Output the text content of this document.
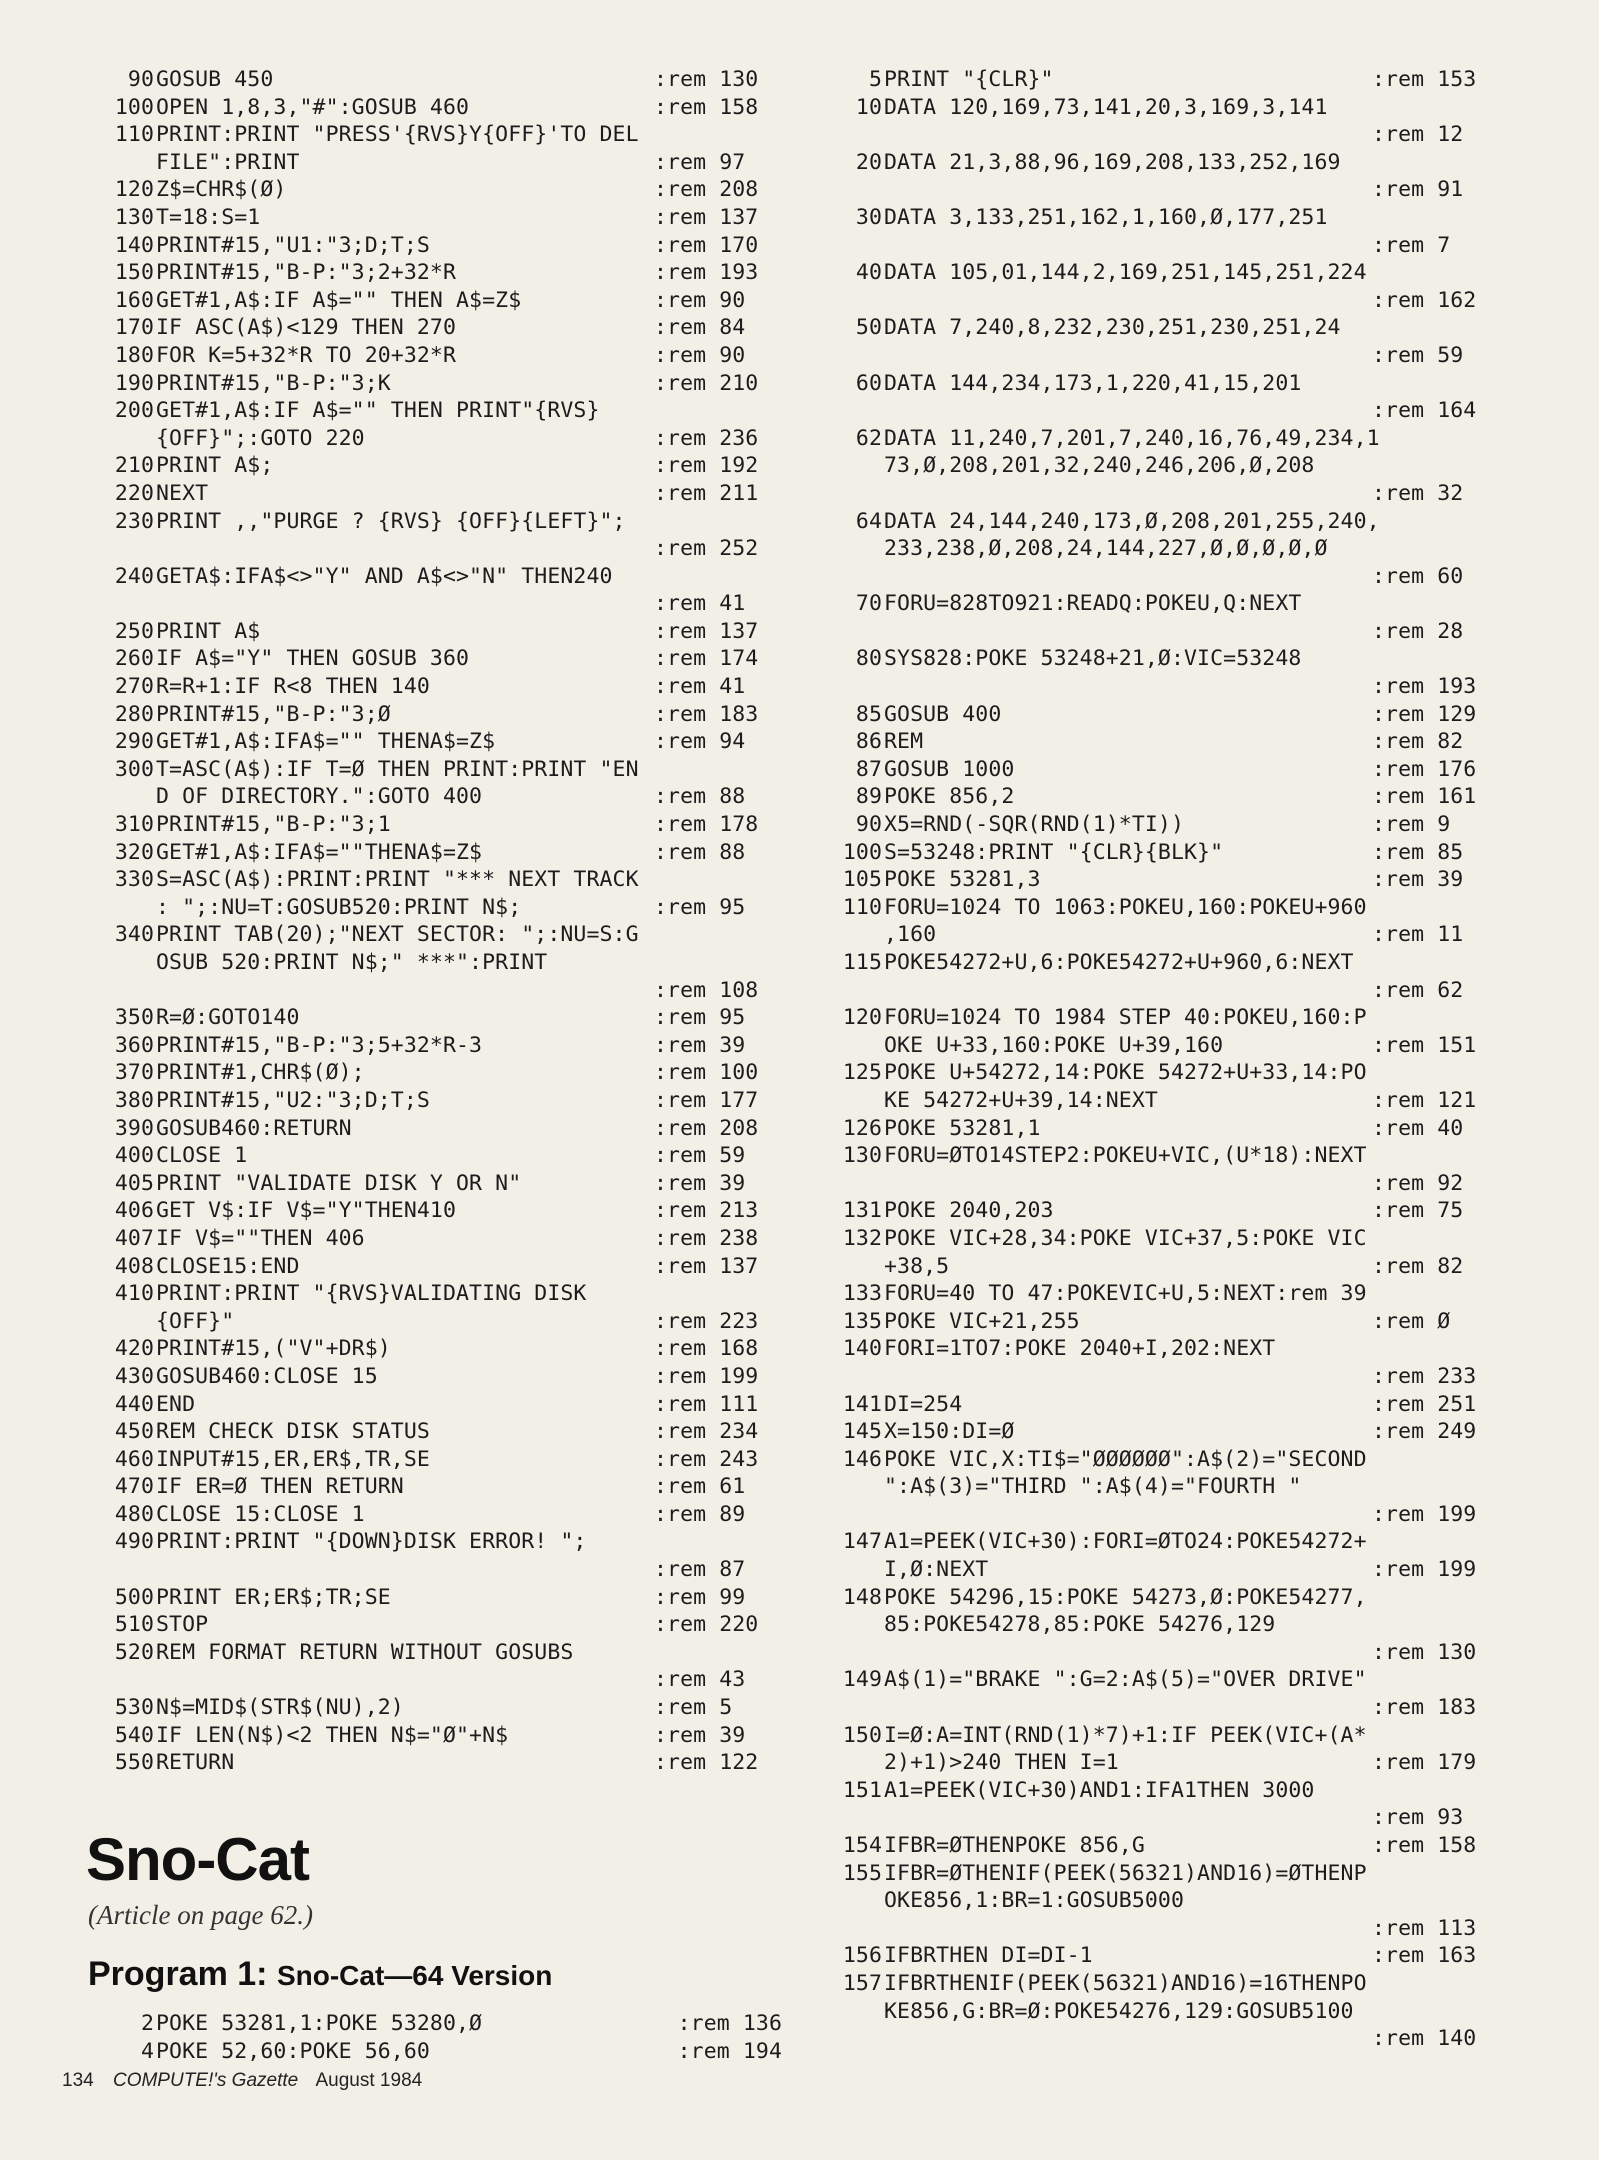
90 GOSUB 450	:rem 130
100 OPEN 1,8,3,"#":GOSUB 460	:rem 158
110 PRINT:PRINT "PRESS'{RVS}Y{OFF}'TO DEL
FILE":PRINT	:rem 97
120 Z$=CHR$(Ø)	:rem 208
130 T=18:S=1	:rem 137
140 PRINT#15,"U1:"3;D;T;S	:rem 170
150 PRINT#15,"B-P:"3;2+32*R	:rem 193
160 GET#1,A$:IF A$="" THEN A$=Z$	:rem 90
170 IF ASC(A$)<129 THEN 270	:rem 84
180 FOR K=5+32*R TO 20+32*R	:rem 90
190 PRINT#15,"B-P:"3;K	:rem 210
200 GET#1,A$:IF A$="" THEN PRINT"{RVS}
{OFF}";:GOTO 220	:rem 236
210 PRINT A$;	:rem 192
220 NEXT	:rem 211
230 PRINT ,,"PURGE ? {RVS} {OFF}{LEFT}";
:rem 252
240 GETA$:IFA$<>"Y" AND A$<>"N" THEN240
:rem 41
250 PRINT A$	:rem 137
260 IF A$="Y" THEN GOSUB 360	:rem 174
270 R=R+1:IF R<8 THEN 140	:rem 41
280 PRINT#15,"B-P:"3;Ø	:rem 183
290 GET#1,A$:IFA$="" THENA$=Z$	:rem 94
300 T=ASC(A$):IF T=Ø THEN PRINT:PRINT "EN
D OF DIRECTORY.":GOTO 400	:rem 88
310 PRINT#15,"B-P:"3;1	:rem 178
320 GET#1,A$:IFA$=""THENA$=Z$	:rem 88
330 S=ASC(A$):PRINT:PRINT "*** NEXT TRACK
: ";:NU=T:GOSUB520:PRINT N$;	:rem 95
340 PRINT TAB(20);"NEXT SECTOR: ";:NU=S:G
OSUB 520:PRINT N$;" ***":PRINT
:rem 108
350 R=Ø:GOTO140	:rem 95
360 PRINT#15,"B-P:"3;5+32*R-3	:rem 39
370 PRINT#1,CHR$(Ø);	:rem 100
380 PRINT#15,"U2:"3;D;T;S	:rem 177
390 GOSUB460:RETURN	:rem 208
400 CLOSE 1	:rem 59
405 PRINT "VALIDATE DISK Y OR N"	:rem 39
406 GET V$:IF V$="Y"THEN410	:rem 213
407 IF V$=""THEN 406	:rem 238
408 CLOSE15:END	:rem 137
410 PRINT:PRINT "{RVS}VALIDATING DISK
{OFF}"	:rem 223
420 PRINT#15,("V"+DR$)	:rem 168
430 GOSUB460:CLOSE 15	:rem 199
440 END	:rem 111
450 REM CHECK DISK STATUS	:rem 234
460 INPUT#15,ER,ER$,TR,SE	:rem 243
470 IF ER=Ø THEN RETURN	:rem 61
480 CLOSE 15:CLOSE 1	:rem 89
490 PRINT:PRINT "{DOWN}DISK ERROR! ";
:rem 87
500 PRINT ER;ER$;TR;SE	:rem 99
510 STOP	:rem 220
520 REM FORMAT RETURN WITHOUT GOSUBS
:rem 43
530 N$=MID$(STR$(NU),2)	:rem 5
540 IF LEN(N$)<2 THEN N$="Ø"+N$	:rem 39
550 RETURN	:rem 122
5 PRINT "{CLR}"	:rem 153
10 DATA 120,169,73,141,20,3,169,3,141
:rem 12
20 DATA 21,3,88,96,169,208,133,252,169
:rem 91
30 DATA 3,133,251,162,1,160,Ø,177,251
:rem 7
40 DATA 105,01,144,2,169,251,145,251,224
:rem 162
50 DATA 7,240,8,232,230,251,230,251,24
:rem 59
60 DATA 144,234,173,1,220,41,15,201
:rem 164
62 DATA 11,240,7,201,7,240,16,76,49,234,1
73,Ø,208,201,32,240,246,206,Ø,208
:rem 32
64 DATA 24,144,240,173,Ø,208,201,255,240,
233,238,Ø,208,24,144,227,Ø,Ø,Ø,Ø,Ø
:rem 60
70 FORU=828TO921:READQ:POKEU,Q:NEXT
:rem 28
80 SYS828:POKE 53248+21,Ø:VIC=53248
:rem 193
85 GOSUB 400	:rem 129
86 REM	:rem 82
87 GOSUB 1000	:rem 176
89 POKE 856,2	:rem 161
90 X5=RND(-SQR(RND(1)*TI))	:rem 9
100 S=53248:PRINT "{CLR}{BLK}"	:rem 85
105 POKE 53281,3	:rem 39
110 FORU=1024 TO 1063:POKEU,160:POKEU+960
,160	:rem 11
115 POKE54272+U,6:POKE54272+U+960,6:NEXT
:rem 62
120 FORU=1024 TO 1984 STEP 40:POKEU,160:P
OKE U+33,160:POKE U+39,160	:rem 151
125 POKE U+54272,14:POKE 54272+U+33,14:PO
KE 54272+U+39,14:NEXT	:rem 121
126 POKE 53281,1	:rem 40
130 FORU=ØTO14STEP2:POKEU+VIC,(U*18):NEXT
:rem 92
131 POKE 2040,203	:rem 75
132 POKE VIC+28,34:POKE VIC+37,5:POKE VIC
+38,5	:rem 82
133 FORU=40 TO 47:POKEVIC+U,5:NEXT:rem 39
135 POKE VIC+21,255	:rem Ø
140 FORI=1TO7:POKE 2040+I,202:NEXT
:rem 233
141 DI=254	:rem 251
145 X=150:DI=Ø	:rem 249
146 POKE VIC,X:TI$="ØØØØØØ":A$(2)="SECOND
":A$(3)="THIRD ":A$(4)="FOURTH "
:rem 199
147 A1=PEEK(VIC+30):FORI=ØTO24:POKE54272+
I,Ø:NEXT	:rem 199
148 POKE 54296,15:POKE 54273,Ø:POKE54277,
85:POKE54278,85:POKE 54276,129
:rem 130
149 A$(1)="BRAKE ":G=2:A$(5)="OVER DRIVE"
:rem 183
150 I=Ø:A=INT(RND(1)*7)+1:IF PEEK(VIC+(A*
2)+1)>240 THEN I=1	:rem 179
151 A1=PEEK(VIC+30)AND1:IFA1THEN 3000
:rem 93
154 IFBR=ØTHENPOKE 856,G	:rem 158
155 IFBR=ØTHENIF(PEEK(56321)AND16)=ØTHENP
OKE856,1:BR=1:GOSUB5000
:rem 113
156 IFBRTHEN DI=DI-1	:rem 163
157 IFBRTHENIF(PEEK(56321)AND16)=16THENPO
KE856,G:BR=Ø:POKE54276,129:GOSUB5100
:rem 140
Sno-Cat
(Article on page 62.)
Program 1: Sno-Cat—64 Version
2 POKE 53281,1:POKE 53280,Ø	:rem 136
4 POKE 52,60:POKE 56,60	:rem 194
134 COMPUTE!'s Gazette August 1984
